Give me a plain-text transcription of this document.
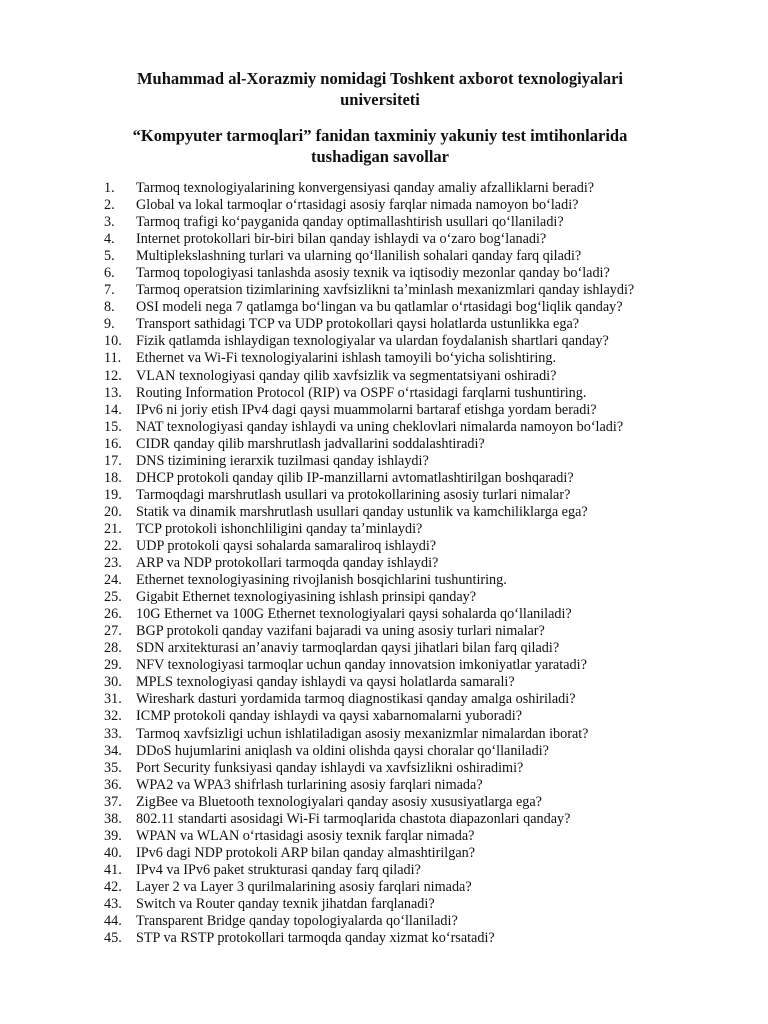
Muhammad al-Xorazmiy nomidagi Toshkent axborot texnologiyalari universiteti
“Kompyuter tarmoqlari” fanidan taxminiy yakuniy test imtihonlarida tushadigan savollar
1. Tarmoq texnologiyalarining konvergensiyasi qanday amaliy afzalliklarni beradi?
2. Global va lokal tarmoqlar oʻrtasidagi asosiy farqlar nimada namoyon boʻladi?
3. Tarmoq trafigi koʻpayganida qanday optimallashtirish usullari qoʻllaniladi?
4. Internet protokollari bir-biri bilan qanday ishlaydi va oʻzaro bogʻlanadi?
5. Multipleksl​ashning turlari va ularning qoʻllanilish sohalari qanday farq qiladi?
6. Tarmoq topologiyasi tanlashda asosiy texnik va iqtisodiy mezonlar qanday boʻladi?
7. Tarmoq operatsion tizimlarining xavfsizlikni taʼminlash mexanizmlari qanday ishlaydi?
8. OSI modeli nega 7 qatlamga boʻlingan va bu qatlamlar oʻrtasidagi bogʻliqlik qanday?
9. Transport sathidagi TCP va UDP protokollari qaysi holatlarda ustunlikka ega?
10. Fizik qatlamda ishlaydigan texnologiyalar va ulardan foydalanish shartlari qanday?
11. Ethernet va Wi-Fi texnologiyalarini ishlash tamoyili boʻyicha solishtiring.
12. VLAN texnologiyasi qanday qilib xavfsizlik va segmentatsiyani oshiradi?
13. Routing Information Protocol (RIP) va OSPF oʻrtasidagi farqlarni tushuntiring.
14. IPv6 ni joriy etish IPv4 dagi qaysi muammolarni bartaraf etishga yordam beradi?
15. NAT texnologiyasi qanday ishlaydi va uning cheklovlari nimalarda namoyon boʻladi?
16. CIDR qanday qilib marshrutlash jadvallarini soddalashtiradi?
17. DNS tizimining ierarxik tuzilmasi qanday ishlaydi?
18. DHCP protokoli qanday qilib IP-manzillarni avtomatlashtirilgan boshqaradi?
19. Tarmoqdagi marshrutlash usullari va protokollarining asosiy turlari nimalar?
20. Statik va dinamik marshrutlash usullari qanday ustunlik va kamchiliklarga ega?
21. TCP protokoli ishonchliligini qanday taʼminlaydi?
22. UDP protokoli qaysi sohalarda samaraliroq ishlaydi?
23. ARP va NDP protokollari tarmoqda qanday ishlaydi?
24. Ethernet texnologiyasining rivojlanish bosqichlarini tushuntiring.
25. Gigabit Ethernet texnologiyasining ishlash prinsipi qanday?
26. 10G Ethernet va 100G Ethernet texnologiyalari qaysi sohalarda qoʻllaniladi?
27. BGP protokoli qanday vazifani bajaradi va uning asosiy turlari nimalar?
28. SDN arxitekturasi anʼanaviy tarmoqlardan qaysi jihatlari bilan farq qiladi?
29. NFV texnologiyasi tarmoqlar uchun qanday innovatsion imkoniyatlar yaratadi?
30. MPLS texnologiyasi qanday ishlaydi va qaysi holatlarda samarali?
31. Wireshark dasturi yordamida tarmoq diagnostikasi qanday amalga oshiriladi?
32. ICMP protokoli qanday ishlaydi va qaysi xabarnomalarni yuboradi?
33. Tarmoq xavfsizligi uchun ishlatiladigan asosiy mexanizmlar nimalardan iborat?
34. DDoS hujumlarini aniqlash va oldini olishda qaysi choralar qoʻllaniladi?
35. Port Security funksiyasi qanday ishlaydi va xavfsizlikni oshiradimi?
36. WPA2 va WPA3 shifrlash turlarining asosiy farqlari nimada?
37. ZigBee va Bluetooth texnologiyalari qanday asosiy xususiyatlarga ega?
38. 802.11 standarti asosidagi Wi-Fi tarmoqlarida chastota diapazonlari qanday?
39. WPAN va WLAN oʻrtasidagi asosiy texnik farqlar nimada?
40. IPv6 dagi NDP protokoli ARP bilan qanday almashtirilgan?
41. IPv4 va IPv6 paket strukturasi qanday farq qiladi?
42. Layer 2 va Layer 3 qurilmalarining asosiy farqlari nimada?
43. Switch va Router qanday texnik jihatdan farqlanadi?
44. Transparent Bridge qanday topologiyalarda qoʻllaniladi?
45. STP va RSTP protokollari tarmoqda qanday xizmat koʻrsatadi?
